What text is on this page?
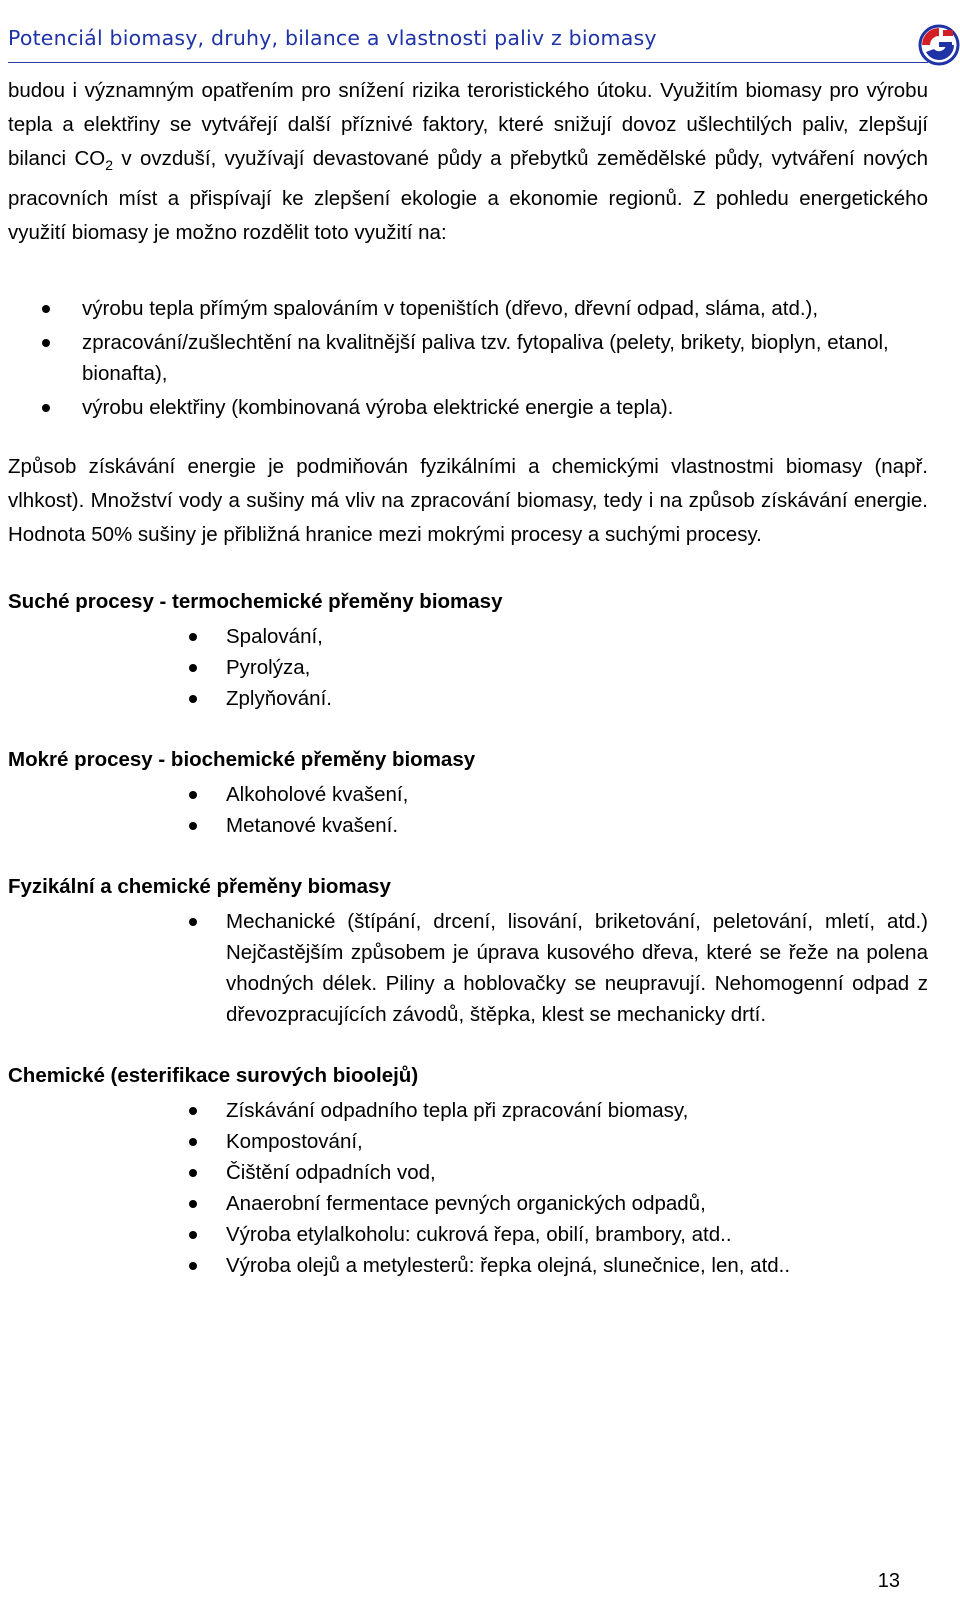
Potenciál biomasy, druhy, bilance a vlastnosti paliv z biomasy

budou i významným opatřením pro snížení rizika teroristického útoku. Využitím biomasy pro výrobu tepla a elektřiny se vytvářejí další příznivé faktory, které snižují dovoz ušlechtilých paliv, zlepšují bilanci $CO_2$ v ovzduší, využívají devastované půdy a přebytků zemědělské půdy, vytváření nových pracovních míst a přispívají ke zlepšení ekologie a ekonomie regionů. Z pohledu energetického využití biomasy je možno rozdělit toto využití na:

výrobu tepla přímým spalováním v topeništích (dřevo, dřevní odpad, sláma, atd.),
zpracování/zušlechtění na kvalitnější paliva tzv. fytopaliva (pelety, brikety, bioplyn, etanol, bionafta),
výrobu elektřiny (kombinovaná výroba elektrické energie a tepla).

Způsob získávání energie je podmiňován fyzikálními a chemickými vlastnostmi biomasy (např. vlhkost). Množství vody a sušiny má vliv na zpracování biomasy, tedy i na způsob získávání energie. Hodnota 50% sušiny je přibližná hranice mezi mokrými procesy a suchými procesy.

Suché procesy - termochemické přeměny biomasy
Spalování,
Pyrolýza,
Zplyňování.
Mokré procesy - biochemické přeměny biomasy
Alkoholové kvašení,
Metanové kvašení.
Fyzikální a chemické přeměny biomasy
Mechanické (štípání, drcení, lisování, briketování, peletování, mletí, atd.) Nejčastějším způsobem je úprava kusového dřeva, které se řeže na polena vhodných délek. Piliny a hoblovačky se neupravují. Nehomogenní odpad z dřevozpracujících závodů, štěpka, klest se mechanicky drtí.
Chemické (esterifikace surových bioolejů)
Získávání odpadního tepla při zpracování biomasy,
Kompostování,
Čištění odpadních vod,
Anaerobní fermentace pevných organických odpadů,
Výroba etylalkoholu: cukrová řepa, obilí, brambory, atd..
Výroba olejů a metylesterů: řepka olejná, slunečnice, len, atd..
13
